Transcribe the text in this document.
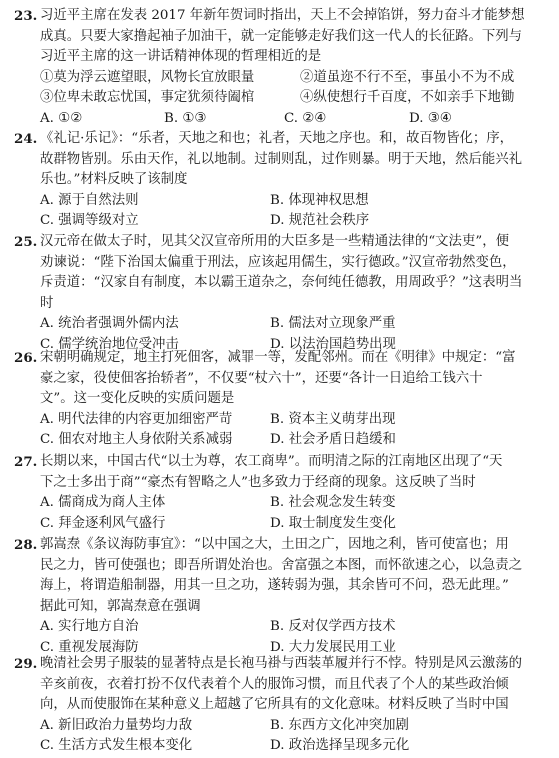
23. 习近平主席在发表 2017 年新年贺词时指出，天上不会掉馅饼，努力奋斗才能梦想
成真。只要大家撸起袖子加油干，就一定能够走好我们这一代人的长征路。下列与
习近平主席的这一讲话精神体现的哲理相近的是
①莫为浮云遮望眼，风物长宜放眼量	②道虽迩不行不至，事虽小不为不成
③位卑未敢忘忧国，事定犹须待阖棺	④纵使想行千百度，不如亲手下地锄
A. ①②	B. ①③	C. ②④	D. ③④
24. 《礼记·乐记》：“乐者，天地之和也；礼者，天地之序也。和，故百物皆化；序，
故群物皆别。乐由天作，礼以地制。过制则乱，过作则暴。明于天地，然后能兴礼
乐也。”材料反映了该制度
A. 源于自然法则	B. 体现神权思想
C. 强调等级对立	D. 规范社会秩序
25. 汉元帝在做太子时，见其父汉宣帝所用的大臣多是一些精通法律的“文法吏”，便
劝谏说：“陛下治国太偏重于刑法，应该起用儒生，实行德政。”汉宣帝勃然变色，
斥责道：“汉家自有制度，本以霸王道杂之，奈何纯任德教，用周政乎？”这表明当
时
A. 统治者强调外儒内法	B. 儒法对立现象严重
C. 儒学统治地位受冲击	D. 以法治国趋势出现
26. 宋朝明确规定，地主打死佃客，减罪一等，发配邻州。而在《明律》中规定：“富
豪之家，役使佃客抬轿者”，不仅要“杖六十”，还要“各计一日追给工钱六十
文”。这一变化反映的实质问题是
A. 明代法律的内容更加细密严苛	B. 资本主义萌芽出现
C. 佃农对地主人身依附关系减弱	D. 社会矛盾日趋缓和
27. 长期以来，中国古代“以士为尊，农工商卑”。而明清之际的江南地区出现了“天
下之士多出于商”“豪杰有智略之人”也多致力于经商的现象。这反映了当时
A. 儒商成为商人主体	B. 社会观念发生转变
C. 拜金逐利风气盛行	D. 取士制度发生变化
28. 郭嵩焘《条议海防事宜》：“以中国之大，土田之广，因地之利，皆可使富也；用
民之力，皆可使强也；即吾所谓处治也。舍富强之本图，而怀欲速之心，以急责之
海上，将谓造船制器，用其一旦之功，遂转弱为强，其余皆可不问，恐无此理。”
据此可知，郭嵩焘意在强调
A. 实行地方自治	B. 反对仅学西方技术
C. 重视发展海防	D. 大力发展民用工业
29. 晚清社会男子服装的显著特点是长袍马褂与西装革履并行不悖。特别是风云激荡的
辛亥前夜，衣着打扮不仅代表着个人的服饰习惯，而且代表了个人的某些政治倾
向，从而使服饰在某种意义上超越了它所具有的文化意味。材料反映了当时中国
A. 新旧政治力量势均力敌	B. 东西方文化冲突加剧
C. 生活方式发生根本变化	D. 政治选择呈现多元化
